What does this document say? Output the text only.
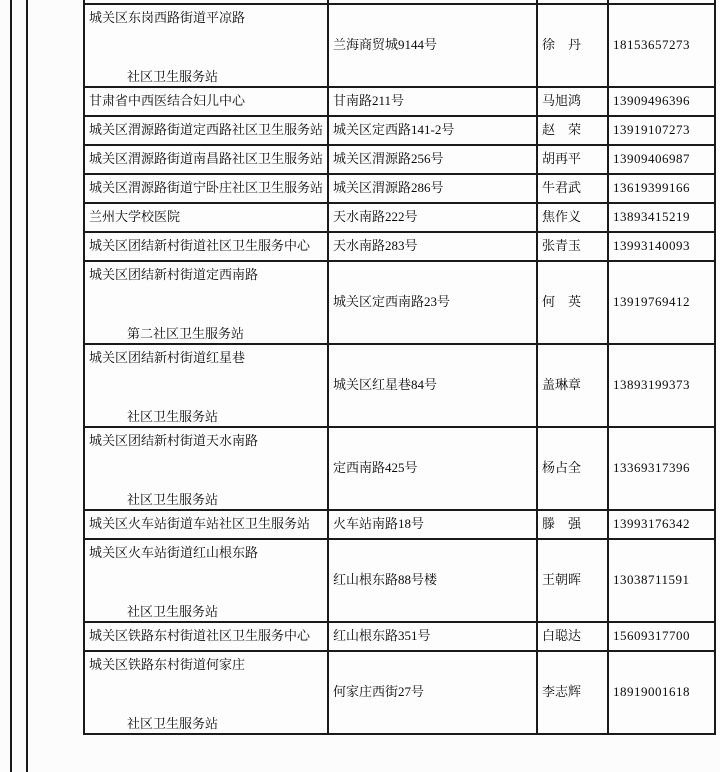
城关区东岗西路街道平凉路
社区卫生服务站	兰海商贸城9144号	徐　丹	18153657273
甘肃省中西医结合妇儿中心	甘南路211号	马旭鸿	13909496396
城关区渭源路街道定西路社区卫生服务站	城关区定西路141-2号	赵　荣	13919107273
城关区渭源路街道南昌路社区卫生服务站	城关区渭源路256号	胡再平	13909406987
城关区渭源路街道宁卧庄社区卫生服务站	城关区渭源路286号	牛君武	13619399166
兰州大学校医院	天水南路222号	焦作义	13893415219
城关区团结新村街道社区卫生服务中心	天水南路283号	张青玉	13993140093

城关区团结新村街道定西南路
第二社区卫生服务站	城关区定西南路23号	何　英	13919769412

城关区团结新村街道红星巷
社区卫生服务站	城关区红星巷84号	盖琳章	13893199373

城关区团结新村街道天水南路
社区卫生服务站	定西南路425号	杨占全	13369317396
城关区火车站街道车站社区卫生服务站	火车站南路18号	滕　强	13993176342

城关区火车站街道红山根东路
社区卫生服务站	红山根东路88号楼	王朝晖	13038711591
城关区铁路东村街道社区卫生服务中心	红山根东路351号	白聪达	15609317700

城关区铁路东村街道何家庄
社区卫生服务站	何家庄西街27号	李志辉	18919001618
